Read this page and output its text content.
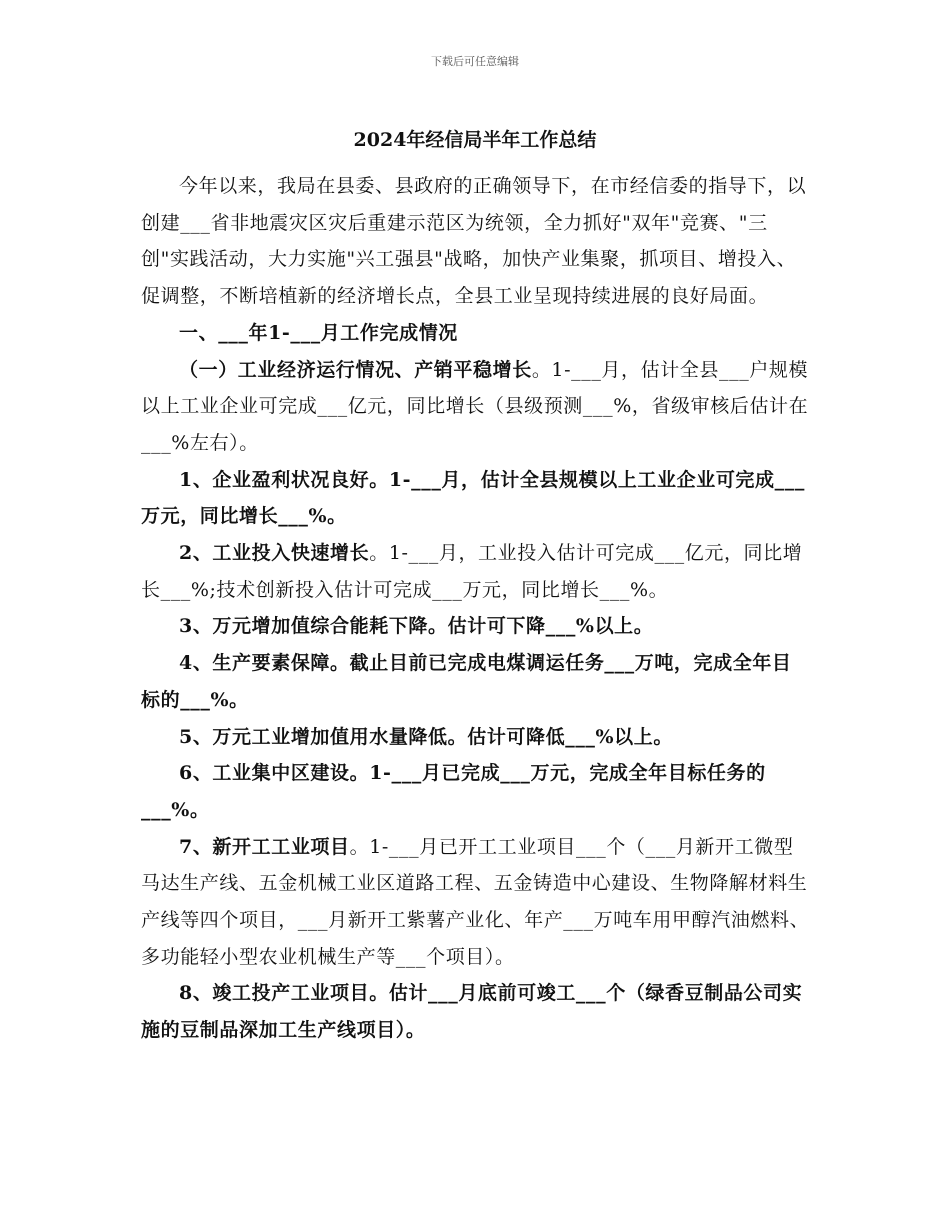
下载后可任意编辑
2024年经信局半年工作总结

今年以来，我局在县委、县政府的正确领导下，在市经信委的指导下，以创建___省非地震灾区灾后重建示范区为统领，全力抓好"双年"竞赛、"三创"实践活动，大力实施"兴工强县"战略，加快产业集聚，抓项目、增投入、促调整，不断培植新的经济增长点，全县工业呈现持续进展的良好局面。

一、___年1-___月工作完成情况

（一）工业经济运行情况、产销平稳增长。1-___月，估计全县___户规模以上工业企业可完成___亿元，同比增长（县级预测___%，省级审核后估计在___%左右）。

1、企业盈利状况良好。1-___月，估计全县规模以上工业企业可完成___万元，同比增长___%。

2、工业投入快速增长。1-___月，工业投入估计可完成___亿元，同比增长___%;技术创新投入估计可完成___万元，同比增长___%。

3、万元增加值综合能耗下降。估计可下降___%以上。

4、生产要素保障。截止目前已完成电煤调运任务___万吨，完成全年目标的___%。

5、万元工业增加值用水量降低。估计可降低___%以上。

6、工业集中区建设。1-___月已完成___万元，完成全年目标任务的___%。

7、新开工工业项目。1-___月已开工工业项目___个（___月新开工微型马达生产线、五金机械工业区道路工程、五金铸造中心建设、生物降解材料生产线等四个项目，___月新开工紫薯产业化、年产___万吨车用甲醇汽油燃料、多功能轻小型农业机械生产等___个项目）。

8、竣工投产工业项目。估计___月底前可竣工___个（绿香豆制品公司实施的豆制品深加工生产线项目）。
